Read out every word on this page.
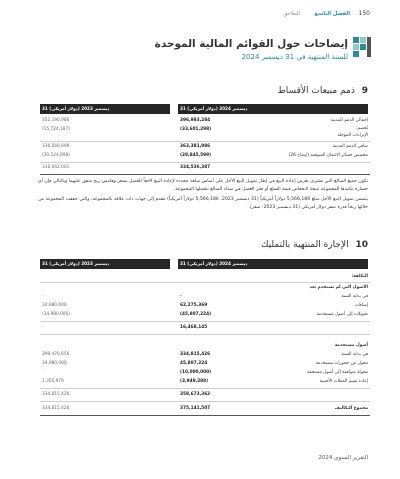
150
الفصل التاسع
الملاحق
إيضاحات حول القوائم المالية الموحدة
للسنة المنتهية في 31 ديسمبر 2024
9 ذمم مبيعات الأقساط
31 ديسمبر 2024 (دولار أمريكي)
31 ديسمبر 2023 (دولار أمريكي)
إجمالي الذمم المدينة
396,983,284
352,190,986
يُخصم:
(33,601,298)
(15,724,187)
الإيرادات المؤجلة
صافي الذمم المدينة
363,381,986
336,566,699
مخصص خسائر الائتمان المتوقعة (إيضاح 26)
(28,845,599)
(20,524,698)
334,536,387
316,042,001

تكون جميع المبالغ التي تشتري بغرض إعادة البيع في إطار تمويل البيع الآجل على أساس سلعة محددة لإعادة البيع لاحقاً للعميل بسعر وهامش ربح متفق عليهما وبالتالي فإن أي خسارة تتكبدها المجموعة نتيجة لانخفاض قيمة السلع أو تعثر العميل في سداد المبالغ تتحملها المجموعة.

يتضمن تمويل البيع الآجل مبلغ 5,566,186 دولاراً أمريكياً (31 ديسمبر 2023: 5,566,186 دولاراً أمريكياً) مقدم إلى جهات ذات علاقة بالمجموعة، والتي حققت المجموعة من خلالها ربحاً قدره صفر دولار أمريكي (31 ديسمبر 2023: صفر).

10 الإجارة المنتهية بالتمليك
31 ديسمبر 2024 (دولار أمريكي)
31 ديسمبر 2023 (دولار أمريكي)
التكلفة:
الأصول التي لم تستخدم بعد
في بداية السنة
-
-
إضافات
62,275,369
34,980,000
تحويلات إلى أصول مستخدمة
(45,807,224)
(34,980,000)
16,468,145
-
أصول مستخدمة
في بداية السنة
334,815,426
299,476,656
محول من حجوزات مستخدمة
45,807,224
34,980,000
محولة متوافقة إلى أصول مستحقة
(10,000,000)
-
إعادة تقييم العملات الأجنبية
(3,949,288)
1,355,970
358,673,362
334,815,426
مجموع التكاليف
375,141,507
334,815,426
التقرير السنوي 2024
